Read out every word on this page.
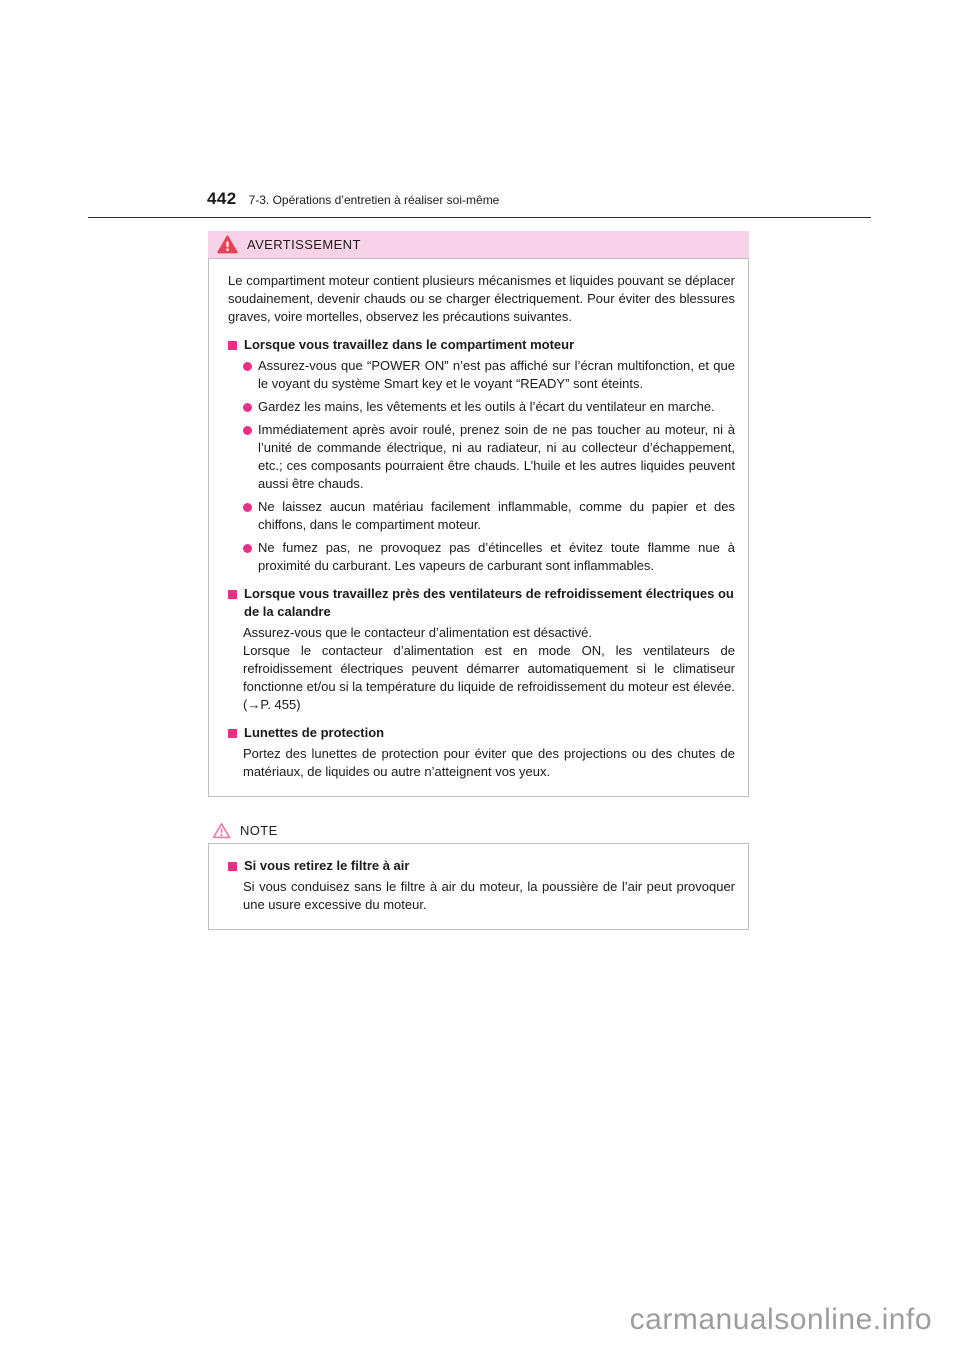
442 7-3. Opérations d’entretien à réaliser soi-même
AVERTISSEMENT

Le compartiment moteur contient plusieurs mécanismes et liquides pouvant se déplacer soudainement, devenir chauds ou se charger électriquement. Pour éviter des blessures graves, voire mortelles, observez les précautions suivantes.

Lorsque vous travaillez dans le compartiment moteur

Assurez-vous que “POWER ON” n’est pas affiché sur l’écran multifonction, et que le voyant du système Smart key et le voyant “READY” sont éteints.

Gardez les mains, les vêtements et les outils à l’écart du ventilateur en marche.

Immédiatement après avoir roulé, prenez soin de ne pas toucher au moteur, ni à l’unité de commande électrique, ni au radiateur, ni au collecteur d’échappement, etc.; ces composants pourraient être chauds. L’huile et les autres liquides peuvent aussi être chauds.

Ne laissez aucun matériau facilement inflammable, comme du papier et des chiffons, dans le compartiment moteur.

Ne fumez pas, ne provoquez pas d’étincelles et évitez toute flamme nue à proximité du carburant. Les vapeurs de carburant sont inflammables.

Lorsque vous travaillez près des ventilateurs de refroidissement électriques ou de la calandre

Assurez-vous que le contacteur d’alimentation est désactivé.

Lorsque le contacteur d’alimentation est en mode ON, les ventilateurs de refroidissement électriques peuvent démarrer automatiquement si le climatiseur fonctionne et/ou si la température du liquide de refroidissement du moteur est élevée. (→P. 455)

Lunettes de protection

Portez des lunettes de protection pour éviter que des projections ou des chutes de matériaux, de liquides ou autre n’atteignent vos yeux.

NOTE
Si vous retirez le filtre à air

Si vous conduisez sans le filtre à air du moteur, la poussière de l’air peut provoquer une usure excessive du moteur.

carmanualsonline.info
